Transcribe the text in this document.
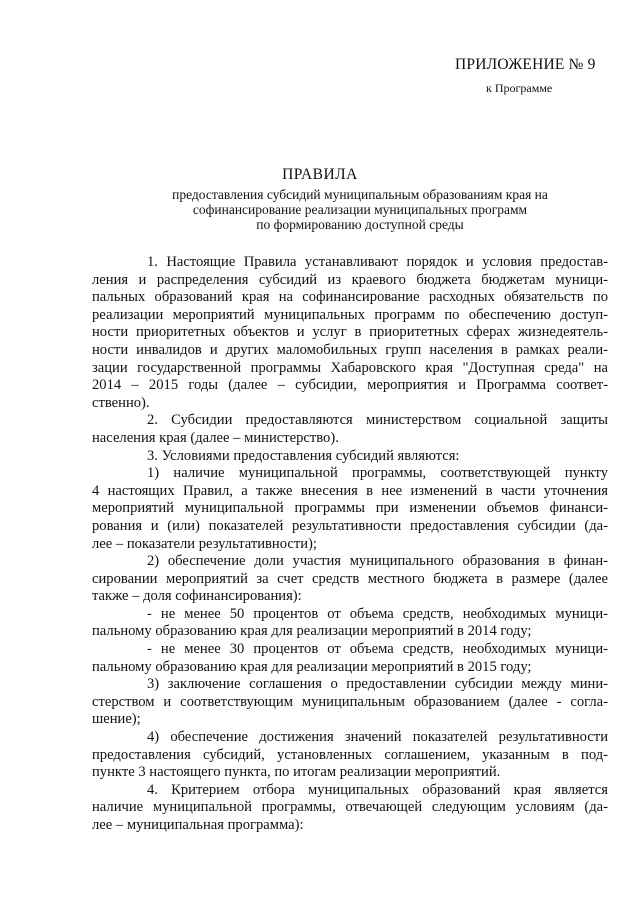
ПРИЛОЖЕНИЕ № 9
к Программе
ПРАВИЛА
предоставления субсидий муниципальным образованиям края на
софинансирование реализации муниципальных программ
по формированию доступной среды
1. Настоящие Правила устанавливают порядок и условия предостав-
ления и распределения субсидий из краевого бюджета бюджетам муници-
пальных образований края на софинансирование расходных обязательств по
реализации мероприятий муниципальных программ по обеспечению доступ-
ности приоритетных объектов и услуг в приоритетных сферах жизнедеятель-
ности инвалидов и других маломобильных групп населения в рамках реали-
зации государственной программы Хабаровского края "Доступная среда" на
2014 – 2015 годы (далее – субсидии, мероприятия и Программа соответ-
ственно).
2. Субсидии предоставляются министерством социальной защиты
населения края (далее – министерство).
3. Условиями предоставления субсидий являются:
1) наличие муниципальной программы, соответствующей пункту
4 настоящих Правил, а также внесения в нее изменений в части уточнения
мероприятий муниципальной программы при изменении объемов финанси-
рования и (или) показателей результативности предоставления субсидии (да-
лее – показатели результативности);
2) обеспечение доли участия муниципального образования в финан-
сировании мероприятий за счет средств местного бюджета в размере (далее
также – доля софинансирования):
- не менее 50 процентов от объема средств, необходимых муници-
пальному образованию края для реализации мероприятий в 2014 году;
- не менее 30 процентов от объема средств, необходимых муници-
пальному образованию края для реализации мероприятий в 2015 году;
3) заключение соглашения о предоставлении субсидии между мини-
стерством и соответствующим муниципальным образованием (далее - согла-
шение);
4) обеспечение достижения значений показателей результативности
предоставления субсидий, установленных соглашением, указанным в под-
пункте 3 настоящего пункта, по итогам реализации мероприятий.
4. Критерием отбора муниципальных образований края является
наличие муниципальной программы, отвечающей следующим условиям (да-
лее – муниципальная программа):
